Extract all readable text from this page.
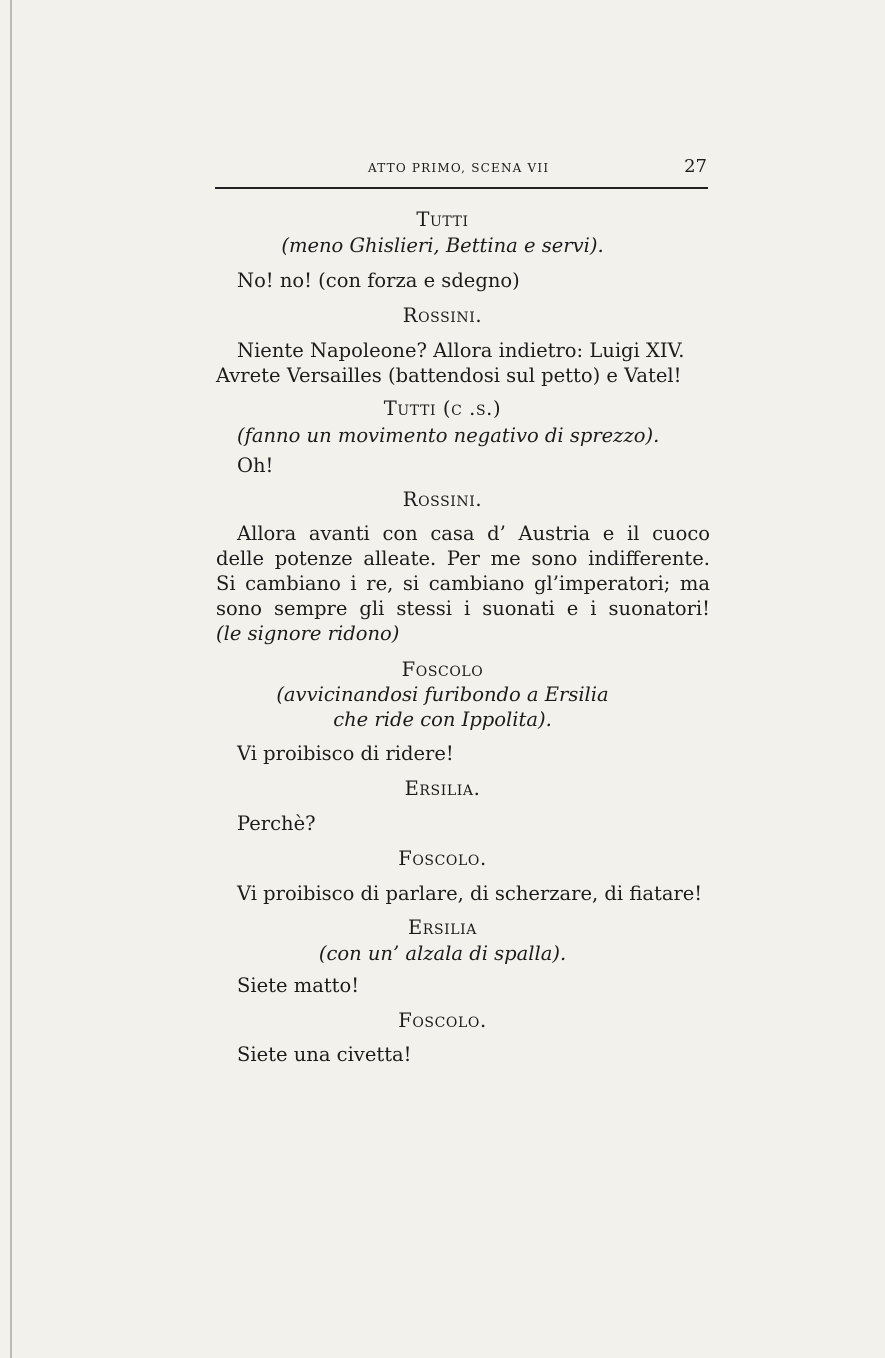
ATTO PRIMO, SCENA VII	27
Tutti
(meno Ghislieri, Bettina e servi).
No! no! (con forza e sdegno)
Rossini.
Niente Napoleone? Allora indietro: Luigi XIV.
Avrete Versailles (battendosi sul petto) e Vatel!
Tutti (c .s.)
(fanno un movimento negativo di sprezzo).
Oh!
Rossini.
Allora avanti con casa d’ Austria e il cuoco
delle potenze alleate. Per me sono indifferente.
Si cambiano i re, si cambiano gl’imperatori; ma
sono sempre gli stessi i suonati e i suonatori!
(le signore ridono)
Foscolo
(avvicinandosi furibondo a Ersilia
che ride con Ippolita).
Vi proibisco di ridere!
Ersilia.
Perchè?
Foscolo.
Vi proibisco di parlare, di scherzare, di fiatare!
Ersilia
(con un’ alzala di spalla).
Siete matto!
Foscolo.
Siete una civetta!
